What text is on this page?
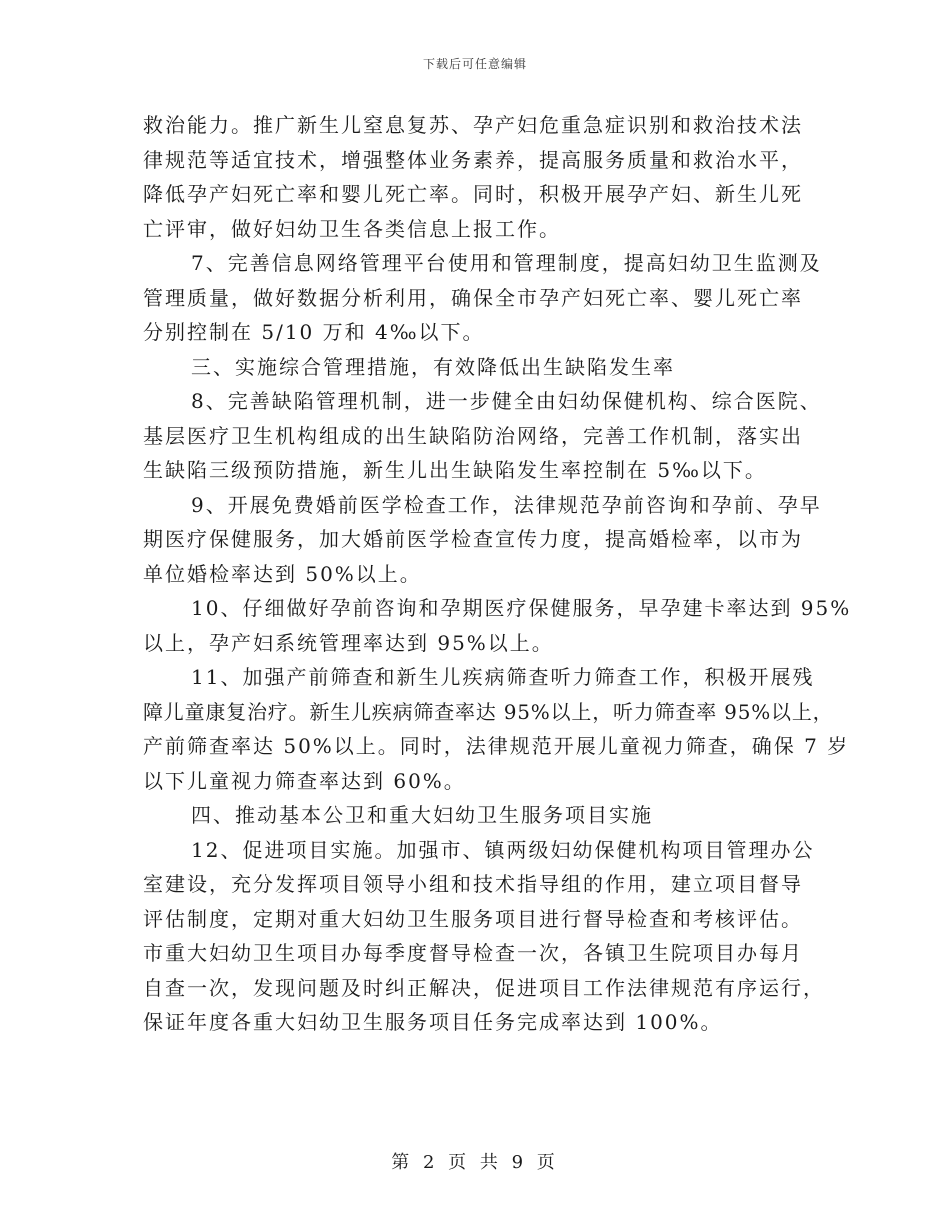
下载后可任意编辑
救治能力。推广新生儿窒息复苏、孕产妇危重急症识别和救治技术法
律规范等适宜技术，增强整体业务素养，提高服务质量和救治水平，
降低孕产妇死亡率和婴儿死亡率。同时，积极开展孕产妇、新生儿死
亡评审，做好妇幼卫生各类信息上报工作。
7、完善信息网络管理平台使用和管理制度，提高妇幼卫生监测及
管理质量，做好数据分析利用，确保全市孕产妇死亡率、婴儿死亡率
分别控制在 5/10 万和 4‰以下。
三、实施综合管理措施，有效降低出生缺陷发生率
8、完善缺陷管理机制，进一步健全由妇幼保健机构、综合医院、
基层医疗卫生机构组成的出生缺陷防治网络，完善工作机制，落实出
生缺陷三级预防措施，新生儿出生缺陷发生率控制在 5‰以下。
9、开展免费婚前医学检查工作，法律规范孕前咨询和孕前、孕早
期医疗保健服务，加大婚前医学检查宣传力度，提高婚检率，以市为
单位婚检率达到 50%以上。
10、仔细做好孕前咨询和孕期医疗保健服务，早孕建卡率达到 95%
以上，孕产妇系统管理率达到 95%以上。
11、加强产前筛查和新生儿疾病筛查听力筛查工作，积极开展残
障儿童康复治疗。新生儿疾病筛查率达 95%以上，听力筛查率 95%以上，
产前筛查率达 50%以上。同时，法律规范开展儿童视力筛查，确保 7 岁
以下儿童视力筛查率达到 60%。
四、推动基本公卫和重大妇幼卫生服务项目实施
12、促进项目实施。加强市、镇两级妇幼保健机构项目管理办公
室建设，充分发挥项目领导小组和技术指导组的作用，建立项目督导
评估制度，定期对重大妇幼卫生服务项目进行督导检查和考核评估。
市重大妇幼卫生项目办每季度督导检查一次，各镇卫生院项目办每月
自查一次，发现问题及时纠正解决，促进项目工作法律规范有序运行，
保证年度各重大妇幼卫生服务项目任务完成率达到 100%。
第 2 页 共 9 页
